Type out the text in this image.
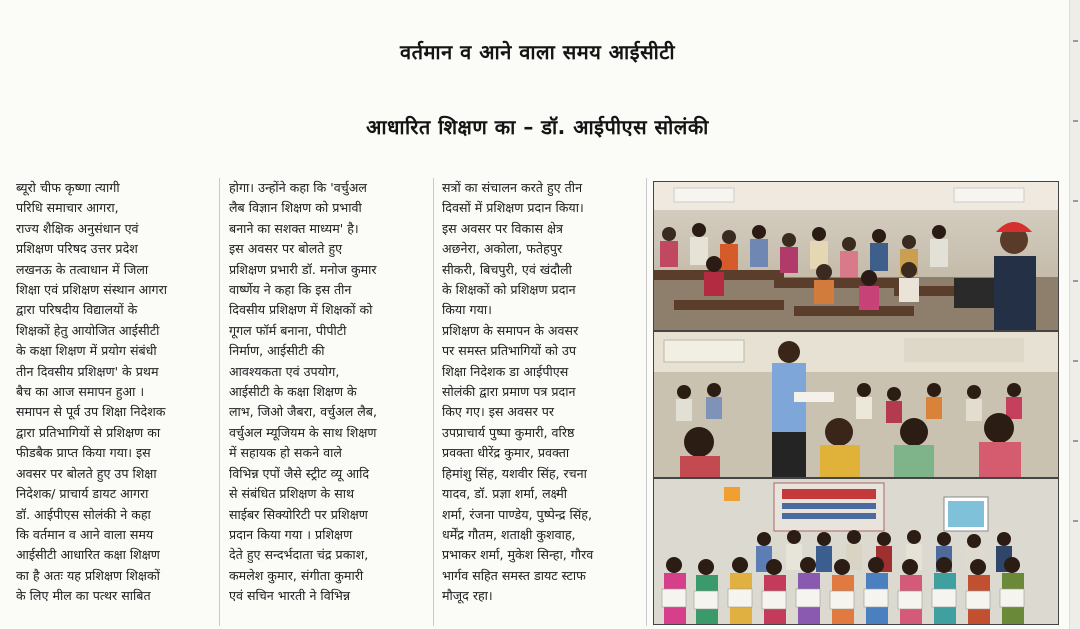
वर्तमान व आने वाला समय आईसीटी
आधारित शिक्षण का – डॉ. आईपीएस सोलंकी
ब्यूरो चीफ कृष्णा त्यागी
परिधि समाचार आगरा,
राज्य शैक्षिक अनुसंधान एवं
प्रशिक्षण परिषद उत्तर प्रदेश
लखनऊ के तत्वाधान में जिला
शिक्षा एवं प्रशिक्षण संस्थान आगरा
द्वारा परिषदीय विद्यालयों के
शिक्षकों हेतु आयोजित आईसीटी
के कक्षा शिक्षण में प्रयोग संबंधी
तीन दिवसीय प्रशिक्षण' के प्रथम
बैच का आज समापन हुआ ।
समापन से पूर्व उप शिक्षा निदेशक
द्वारा प्रतिभागियों से प्रशिक्षण का
फीडबैक प्राप्त किया गया। इस
अवसर पर बोलते हुए उप शिक्षा
निदेशक/ प्राचार्य डायट आगरा
डॉ. आईपीएस सोलंकी ने कहा
कि वर्तमान व आने वाला समय
आईसीटी आधारित कक्षा शिक्षण
का है अतः यह प्रशिक्षण शिक्षकों
के लिए मील का पत्थर साबित
होगा। उन्होंने कहा कि 'वर्चुअल
लैब विज्ञान शिक्षण को प्रभावी
बनाने का सशक्त माध्यम' है।
इस अवसर पर बोलते हुए
प्रशिक्षण प्रभारी डॉ. मनोज कुमार
वार्ष्णेय ने कहा कि इस तीन
दिवसीय प्रशिक्षण में शिक्षकों को
गूगल फॉर्म बनाना, पीपीटी
निर्माण, आईसीटी की
आवश्यकता एवं उपयोग,
आईसीटी के कक्षा शिक्षण के
लाभ, जिओ जैबरा, वर्चुअल लैब,
वर्चुअल म्यूजियम के साथ शिक्षण
में सहायक हो सकने वाले
विभिन्न एपों जैसे स्ट्रीट व्यू आदि
से संबंधित प्रशिक्षण के साथ
साईबर सिक्योरिटी पर प्रशिक्षण
प्रदान किया गया । प्रशिक्षण
देते हुए सन्दर्भदाता चंद्र प्रकाश,
कमलेश कुमार, संगीता कुमारी
एवं सचिन भारती ने विभिन्न
सत्रों का संचालन करते हुए तीन
दिवसों में प्रशिक्षण प्रदान किया।
इस अवसर पर विकास क्षेत्र
अछनेरा, अकोला, फतेहपुर
सीकरी, बिचपुरी, एवं खंदौली
के शिक्षकों को प्रशिक्षण प्रदान
किया गया।
प्रशिक्षण के समापन के अवसर
पर समस्त प्रतिभागियों को उप
शिक्षा निदेशक डा आईपीएस
सोलंकी द्वारा प्रमाण पत्र प्रदान
किए गए। इस अवसर पर
उपप्राचार्य पुष्पा कुमारी, वरिष्ठ
प्रवक्ता धीरेंद्र कुमार, प्रवक्ता
हिमांशु सिंह, यशवीर सिंह, रचना
यादव, डॉ. प्रज्ञा शर्मा, लक्ष्मी
शर्मा, रंजना पाण्डेय, पुष्पेन्द्र सिंह,
धर्मेंद्र गौतम, शताक्षी कुशवाह,
प्रभाकर शर्मा, मुकेश सिन्हा, गौरव
भार्गव सहित समस्त डायट स्टाफ
मौजूद रहा।
